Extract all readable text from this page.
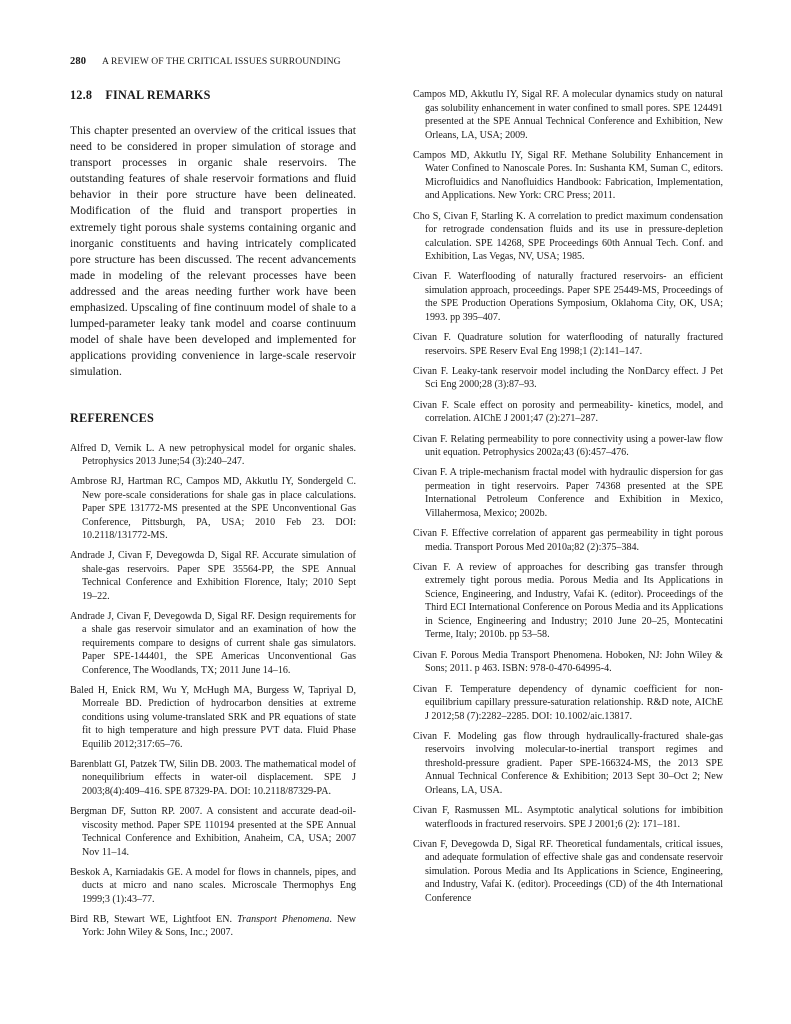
280 A REVIEW OF THE CRITICAL ISSUES SURROUNDING
12.8 FINAL REMARKS

This chapter presented an overview of the critical issues that need to be considered in proper simulation of storage and transport processes in organic shale reservoirs. The outstanding features of shale reservoir formations and fluid behavior in their pore structure have been delineated. Modification of the fluid and transport properties in extremely tight porous shale systems containing organic and inorganic constituents and having intricately complicated pore structure has been discussed. The recent advancements made in modeling of the relevant processes have been addressed and the areas needing further work have been emphasized. Upscaling of fine continuum model of shale to a lumped-parameter leaky tank model and coarse continuum model of shale have been developed and implemented for applications providing convenience in large-scale reservoir simulation.

REFERENCES

Alfred D, Vernik L. A new petrophysical model for organic shales. Petrophysics 2013 June;54 (3):240–247.

Ambrose RJ, Hartman RC, Campos MD, Akkutlu IY, Sondergeld C. New pore-scale considerations for shale gas in place calculations. Paper SPE 131772-MS presented at the SPE Unconventional Gas Conference, Pittsburgh, PA, USA; 2010 Feb 23. DOI: 10.2118/131772-MS.

Andrade J, Civan F, Devegowda D, Sigal RF. Accurate simulation of shale-gas reservoirs. Paper SPE 35564-PP, the SPE Annual Technical Conference and Exhibition Florence, Italy; 2010 Sept 19–22.

Andrade J, Civan F, Devegowda D, Sigal RF. Design requirements for a shale gas reservoir simulator and an examination of how the requirements compare to designs of current shale gas simulators. Paper SPE-144401, the SPE Americas Unconventional Gas Conference, The Woodlands, TX; 2011 June 14–16.

Baled H, Enick RM, Wu Y, McHugh MA, Burgess W, Tapriyal D, Morreale BD. Prediction of hydrocarbon densities at extreme conditions using volume-translated SRK and PR equations of state fit to high temperature and high pressure PVT data. Fluid Phase Equilib 2012;317:65–76.

Barenblatt GI, Patzek TW, Silin DB. 2003. The mathematical model of nonequilibrium effects in water-oil displacement. SPE J 2003;8(4):409–416. SPE 87329-PA. DOI: 10.2118/87329-PA.

Bergman DF, Sutton RP. 2007. A consistent and accurate dead-oil-viscosity method. Paper SPE 110194 presented at the SPE Annual Technical Conference and Exhibition, Anaheim, CA, USA; 2007 Nov 11–14.

Beskok A, Karniadakis GE. A model for flows in channels, pipes, and ducts at micro and nano scales. Microscale Thermophys Eng 1999;3 (1):43–77.

Bird RB, Stewart WE, Lightfoot EN. Transport Phenomena. New York: John Wiley & Sons, Inc.; 2007.

Campos MD, Akkutlu IY, Sigal RF. A molecular dynamics study on natural gas solubility enhancement in water confined to small pores. SPE 124491 presented at the SPE Annual Technical Conference and Exhibition, New Orleans, LA, USA; 2009.

Campos MD, Akkutlu IY, Sigal RF. Methane Solubility Enhancement in Water Confined to Nanoscale Pores. In: Sushanta KM, Suman C, editors. Microfluidics and Nanofluidics Handbook: Fabrication, Implementation, and Applications. New York: CRC Press; 2011.

Cho S, Civan F, Starling K. A correlation to predict maximum condensation for retrograde condensation fluids and its use in pressure-depletion calculation. SPE 14268, SPE Proceedings 60th Annual Tech. Conf. and Exhibition, Las Vegas, NV, USA; 1985.

Civan F. Waterflooding of naturally fractured reservoirs- an efficient simulation approach, proceedings. Paper SPE 25449-MS, Proceedings of the SPE Production Operations Symposium, Oklahoma City, OK, USA; 1993. pp 395–407.

Civan F. Quadrature solution for waterflooding of naturally fractured reservoirs. SPE Reserv Eval Eng 1998;1 (2):141–147.

Civan F. Leaky-tank reservoir model including the NonDarcy effect. J Pet Sci Eng 2000;28 (3):87–93.

Civan F. Scale effect on porosity and permeability- kinetics, model, and correlation. AIChE J 2001;47 (2):271–287.

Civan F. Relating permeability to pore connectivity using a power-law flow unit equation. Petrophysics 2002a;43 (6):457–476.

Civan F. A triple-mechanism fractal model with hydraulic dispersion for gas permeation in tight reservoirs. Paper 74368 presented at the SPE International Petroleum Conference and Exhibition in Mexico, Villahermosa, Mexico; 2002b.

Civan F. Effective correlation of apparent gas permeability in tight porous media. Transport Porous Med 2010a;82 (2):375–384.

Civan F. A review of approaches for describing gas transfer through extremely tight porous media. Porous Media and Its Applications in Science, Engineering, and Industry, Vafai K. (editor). Proceedings of the Third ECI International Conference on Porous Media and its Applications in Science, Engineering and Industry; 2010 June 20–25, Montecatini Terme, Italy; 2010b. pp 53–58.

Civan F. Porous Media Transport Phenomena. Hoboken, NJ: John Wiley & Sons; 2011. p 463. ISBN: 978-0-470-64995-4.

Civan F. Temperature dependency of dynamic coefficient for non-equilibrium capillary pressure-saturation relationship. R&D note, AIChE J 2012;58 (7):2282–2285. DOI: 10.1002/aic.13817.

Civan F. Modeling gas flow through hydraulically-fractured shale-gas reservoirs involving molecular-to-inertial transport regimes and threshold-pressure gradient. Paper SPE-166324-MS, the 2013 SPE Annual Technical Conference & Exhibition; 2013 Sept 30–Oct 2; New Orleans, LA, USA.

Civan F, Rasmussen ML. Asymptotic analytical solutions for imbibition waterfloods in fractured reservoirs. SPE J 2001;6 (2): 171–181.

Civan F, Devegowda D, Sigal RF. Theoretical fundamentals, critical issues, and adequate formulation of effective shale gas and condensate reservoir simulation. Porous Media and Its Applications in Science, Engineering, and Industry, Vafai K. (editor). Proceedings (CD) of the 4th International Conference
